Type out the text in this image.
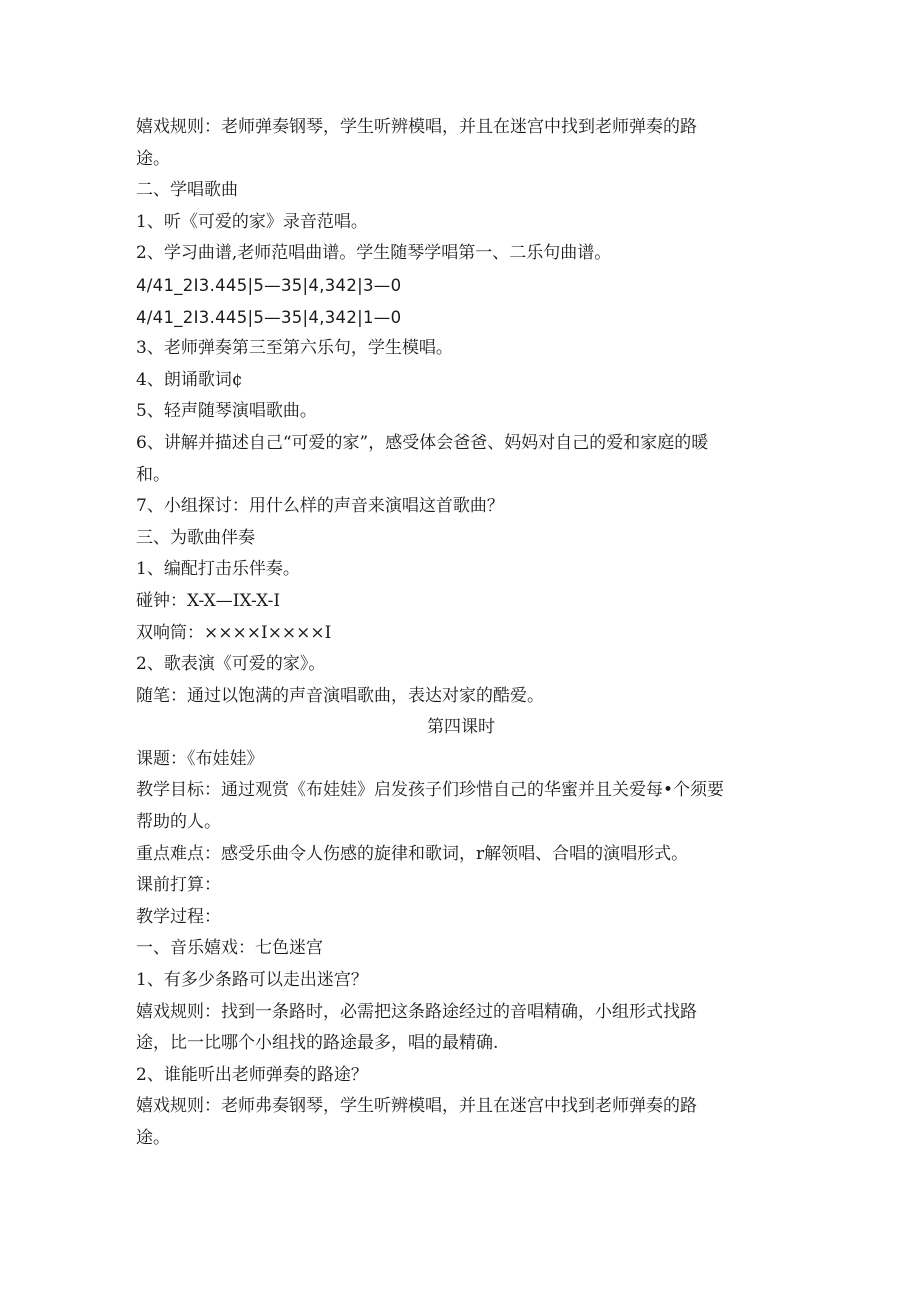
嬉戏规则：老师弹奏钢琴，学生听辨模唱，并且在迷宫中找到老师弹奏的路
途。
二、学唱歌曲
1、听《可爱的家》录音范唱。
2、学习曲谱,老师范唱曲谱。学生随琴学唱第一、二乐句曲谱。
4/41_2I3.445|5—35|4,342|3—0
4/41_2I3.445|5—35|4,342|1—0
3、老师弹奏第三至第六乐句，学生模唱。
4、朗诵歌词¢
5、轻声随琴演唱歌曲。
6、讲解并描述自己“可爱的家”，感受体会爸爸、妈妈对自己的爱和家庭的暖
和。
7、小组探讨：用什么样的声音来演唱这首歌曲？
三、为歌曲伴奏
1、编配打击乐伴奏。
碰钟：X-X—IX-X-I
双响筒：××××I××××I
2、歌表演《可爱的家》。
随笔：通过以饱满的声音演唱歌曲，表达对家的酷爱。
第四课时
课题：《布娃娃》
教学目标：通过观赏《布娃娃》启发孩子们珍惜自己的华蜜并且关爱每•个须要
帮助的人。
重点难点：感受乐曲令人伤感的旋律和歌词，r解领唱、合唱的演唱形式。
课前打算：
教学过程：
一、音乐嬉戏：七色迷宫
1、有多少条路可以走出迷宫？
嬉戏规则：找到一条路时，必需把这条路途经过的音唱精确，小组形式找路
途，比一比哪个小组找的路途最多，唱的最精确.
2、谁能听出老师弹奏的路途？
嬉戏规则：老师弗奏钢琴，学生听辨模唱，并且在迷宫中找到老师弹奏的路
途。
